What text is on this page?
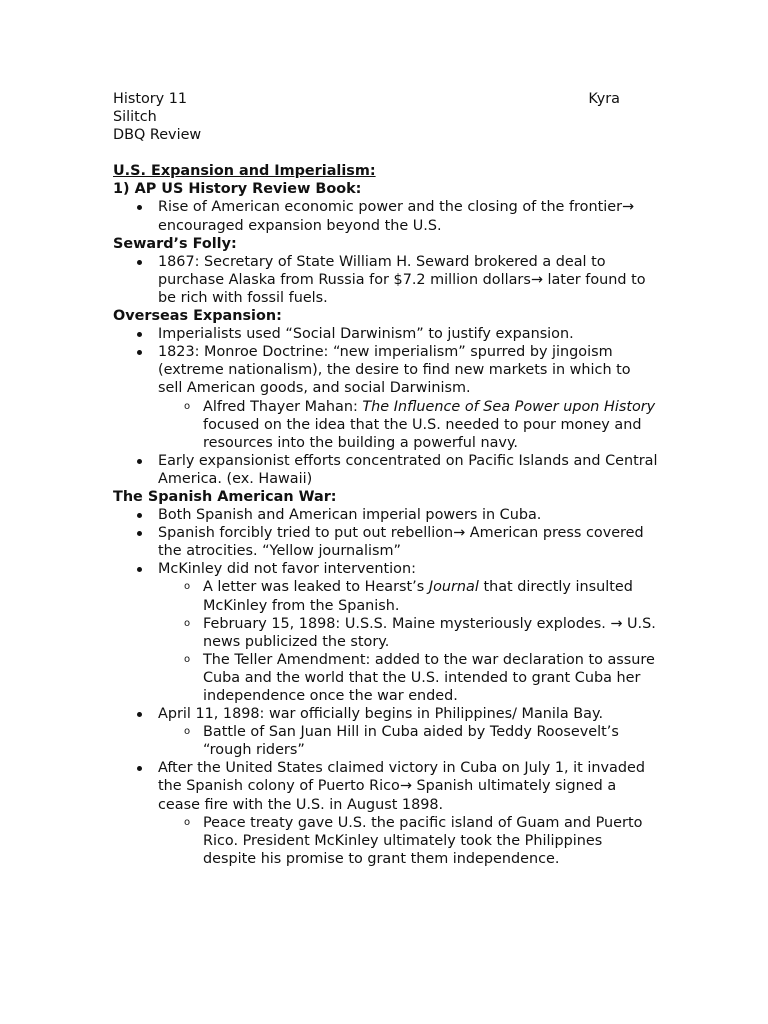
History 11	Kyra
Silitch
DBQ Review
U.S. Expansion and Imperialism:
1) AP US History Review Book:
Rise of American economic power and the closing of the frontier→ encouraged expansion beyond the U.S.
Seward’s Folly:
1867: Secretary of State William H. Seward brokered a deal to purchase Alaska from Russia for $7.2 million dollars→ later found to be rich with fossil fuels.
Overseas Expansion:
Imperialists used “Social Darwinism” to justify expansion.
1823: Monroe Doctrine: “new imperialism” spurred by jingoism (extreme nationalism), the desire to find new markets in which to sell American goods, and social Darwinism.
o Alfred Thayer Mahan: The Influence of Sea Power upon History focused on the idea that the U.S. needed to pour money and resources into the building a powerful navy.
Early expansionist efforts concentrated on Pacific Islands and Central America. (ex. Hawaii)
The Spanish American War:
Both Spanish and American imperial powers in Cuba.
Spanish forcibly tried to put out rebellion→ American press covered the atrocities. “Yellow journalism”
McKinley did not favor intervention:
o A letter was leaked to Hearst’s Journal that directly insulted McKinley from the Spanish.
o February 15, 1898: U.S.S. Maine mysteriously explodes. → U.S. news publicized the story.
o The Teller Amendment: added to the war declaration to assure Cuba and the world that the U.S. intended to grant Cuba her independence once the war ended.
April 11, 1898: war officially begins in Philippines/ Manila Bay.
o Battle of San Juan Hill in Cuba aided by Teddy Roosevelt’s “rough riders”
After the United States claimed victory in Cuba on July 1, it invaded the Spanish colony of Puerto Rico→ Spanish ultimately signed a cease fire with the U.S. in August 1898.
o Peace treaty gave U.S. the pacific island of Guam and Puerto Rico. President McKinley ultimately took the Philippines despite his promise to grant them independence.
